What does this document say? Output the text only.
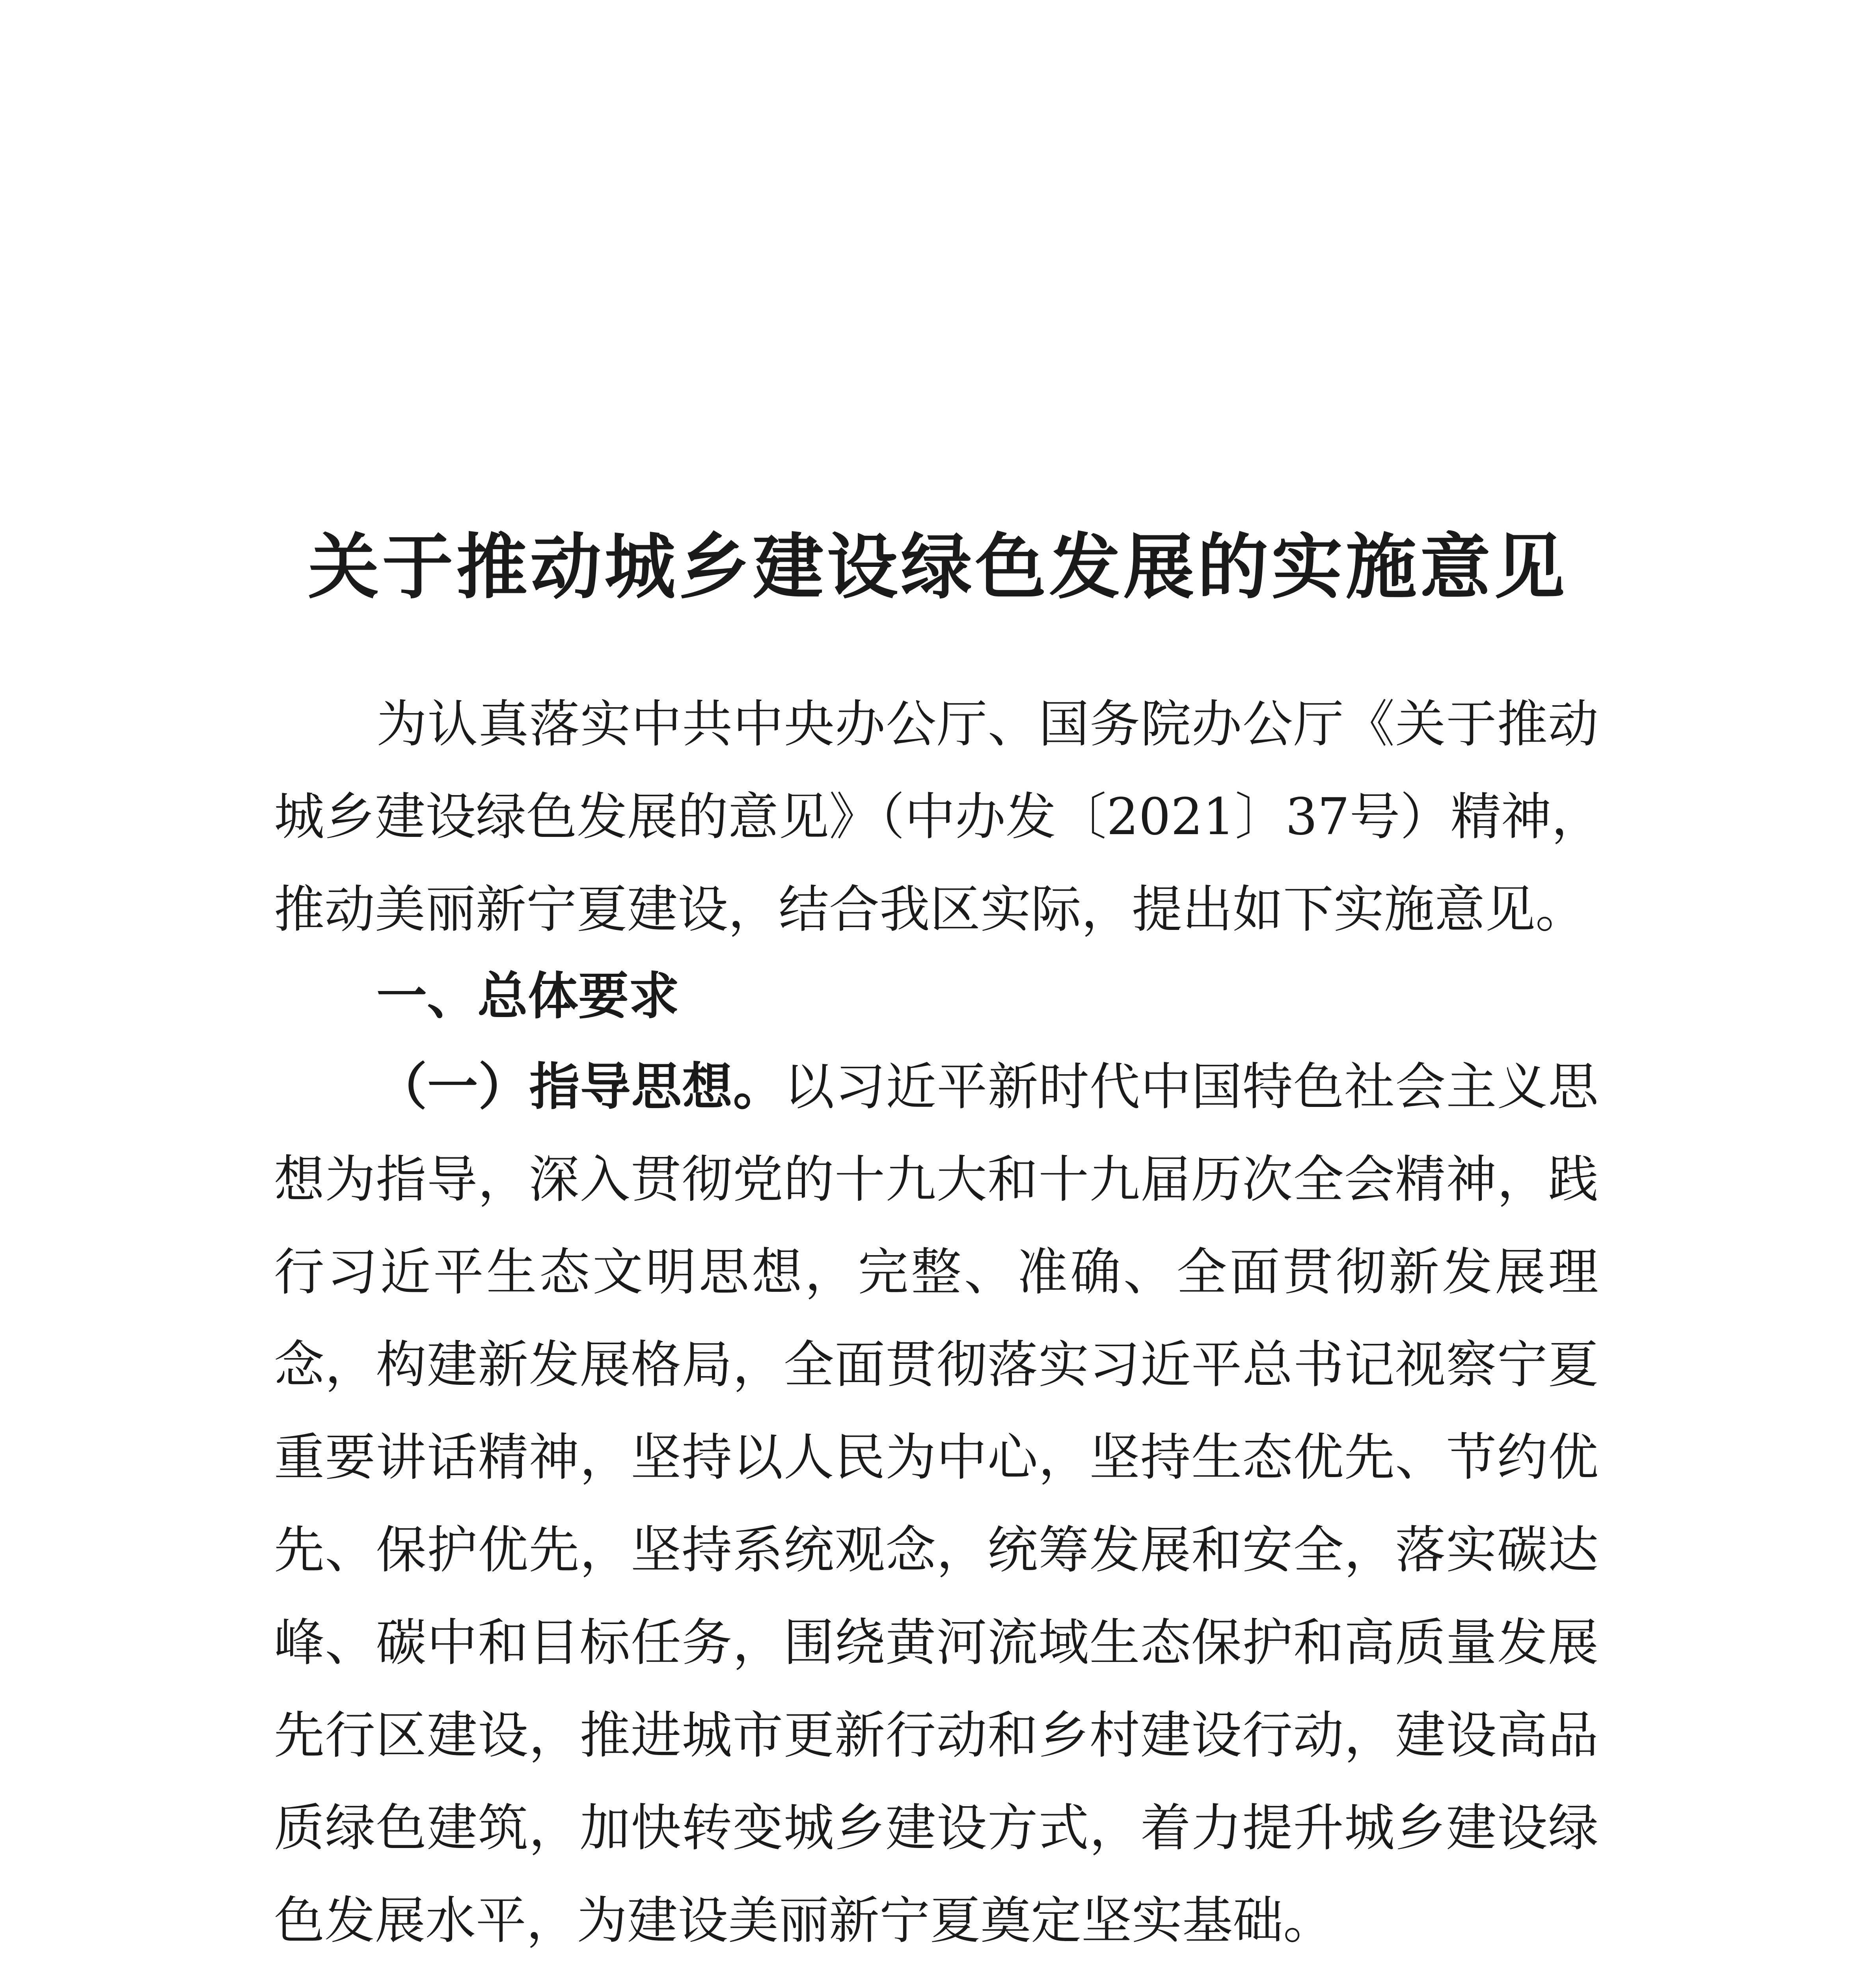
关于推动城乡建设绿色发展的实施意见

为认真落实中共中央办公厅、国务院办公厅《关于推动

城乡建设绿色发展的意见》（中办发〔2021〕37号）精神，

推动美丽新宁夏建设，结合我区实际，提出如下实施意见。

一、总体要求

（一）指导思想。以习近平新时代中国特色社会主义思

想为指导，深入贯彻党的十九大和十九届历次全会精神，践

行习近平生态文明思想，完整、准确、全面贯彻新发展理

念，构建新发展格局，全面贯彻落实习近平总书记视察宁夏

重要讲话精神，坚持以人民为中心，坚持生态优先、节约优

先、保护优先，坚持系统观念，统筹发展和安全，落实碳达

峰、碳中和目标任务，围绕黄河流域生态保护和高质量发展

先行区建设，推进城市更新行动和乡村建设行动，建设高品

质绿色建筑，加快转变城乡建设方式，着力提升城乡建设绿

色发展水平，为建设美丽新宁夏奠定坚实基础。
